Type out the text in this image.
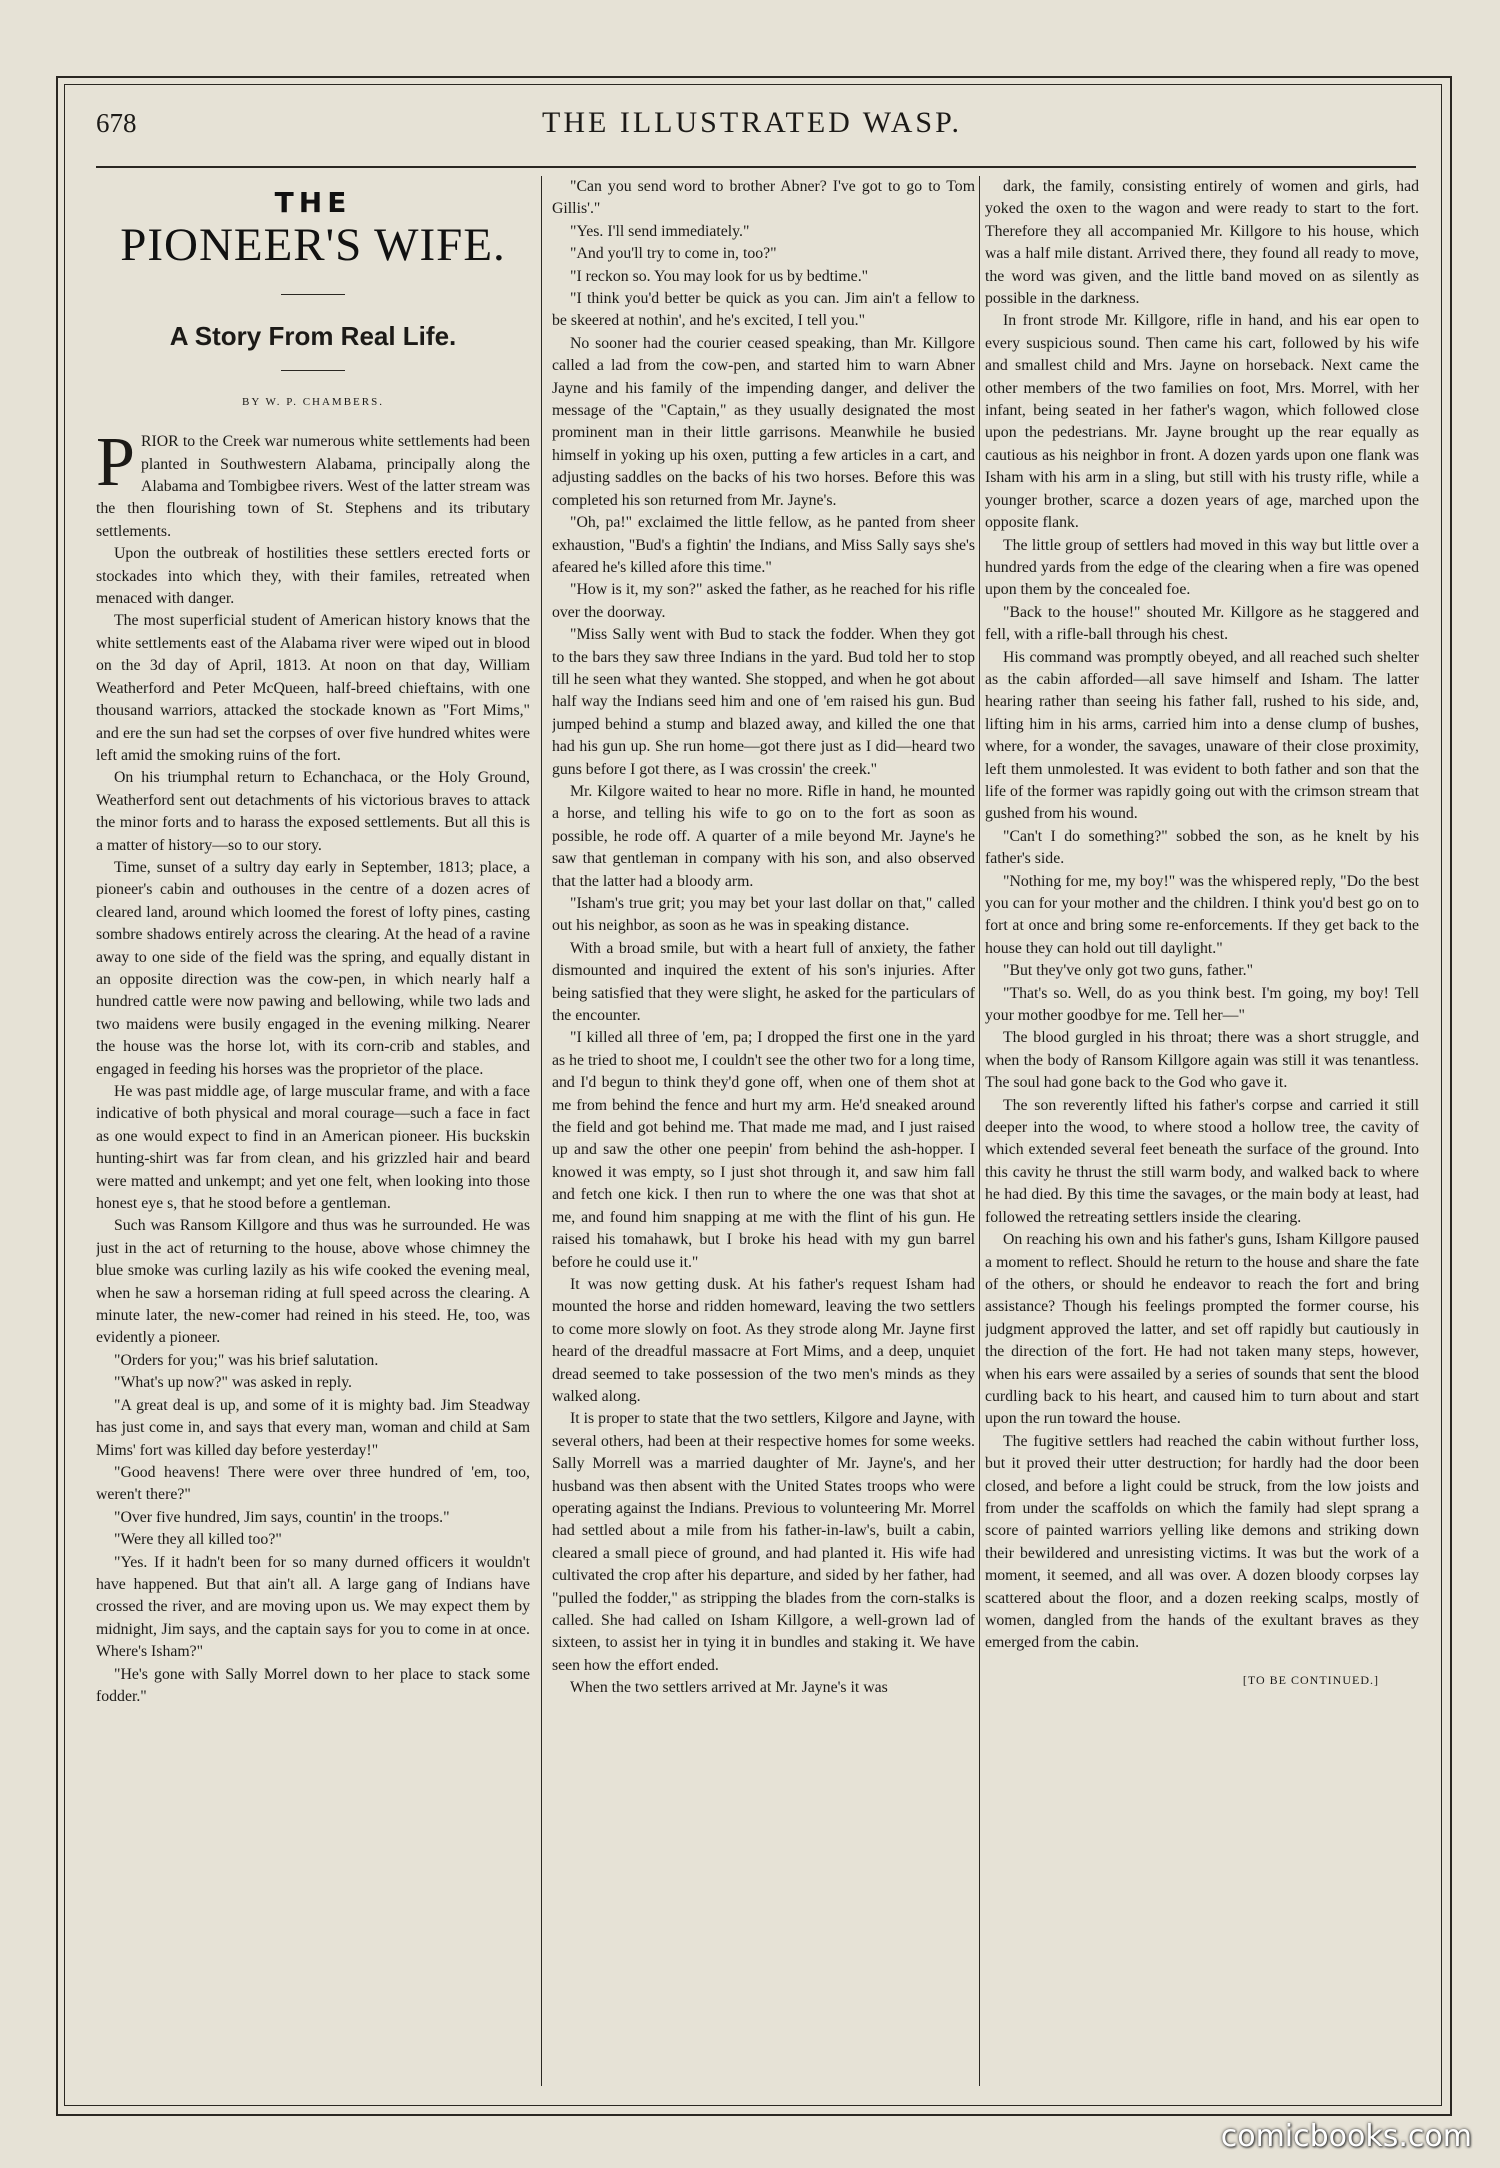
678	THE ILLUSTRATED WASP.
THE
PIONEER'S WIFE.
A Story From Real Life.
BY W. P. CHAMBERS.

PRIOR to the Creek war numerous white settlements had been planted in Southwestern Alabama, principally along the Alabama and Tombigbee rivers. West of the latter stream was the then flourishing town of St. Stephens and its tributary settlements.

Upon the outbreak of hostilities these settlers erected forts or stockades into which they, with their familes, retreated when menaced with danger.

The most superficial student of American history knows that the white settlements east of the Alabama river were wiped out in blood on the 3d day of April, 1813. At noon on that day, William Weatherford and Peter McQueen, half-breed chieftains, with one thousand warriors, attacked the stockade known as "Fort Mims," and ere the sun had set the corpses of over five hundred whites were left amid the smoking ruins of the fort.

On his triumphal return to Echanchaca, or the Holy Ground, Weatherford sent out detachments of his victorious braves to attack the minor forts and to harass the exposed settlements. But all this is a matter of history—so to our story.

Time, sunset of a sultry day early in September, 1813; place, a pioneer's cabin and outhouses in the centre of a dozen acres of cleared land, around which loomed the forest of lofty pines, casting sombre shadows entirely across the clearing. At the head of a ravine away to one side of the field was the spring, and equally distant in an opposite direction was the cow-pen, in which nearly half a hundred cattle were now pawing and bellowing, while two lads and two maidens were busily engaged in the evening milking. Nearer the house was the horse lot, with its corn-crib and stables, and engaged in feeding his horses was the proprietor of the place.

He was past middle age, of large muscular frame, and with a face indicative of both physical and moral courage—such a face in fact as one would expect to find in an American pioneer. His buckskin hunting-shirt was far from clean, and his grizzled hair and beard were matted and unkempt; and yet one felt, when looking into those honest eye s, that he stood before a gentleman.

Such was Ransom Killgore and thus was he surrounded. He was just in the act of returning to the house, above whose chimney the blue smoke was curling lazily as his wife cooked the evening meal, when he saw a horseman riding at full speed across the clearing. A minute later, the new-comer had reined in his steed. He, too, was evidently a pioneer.

"Orders for you;" was his brief salutation.

"What's up now?" was asked in reply.

"A great deal is up, and some of it is mighty bad. Jim Steadway has just come in, and says that every man, woman and child at Sam Mims' fort was killed day before yesterday!"

"Good heavens! There were over three hundred of 'em, too, weren't there?"

"Over five hundred, Jim says, countin' in the troops."

"Were they all killed too?"

"Yes. If it hadn't been for so many durned officers it wouldn't have happened. But that ain't all. A large gang of Indians have crossed the river, and are moving upon us. We may expect them by midnight, Jim says, and the captain says for you to come in at once. Where's Isham?"

"He's gone with Sally Morrel down to her place to stack some fodder."

"Can you send word to brother Abner? I've got to go to Tom Gillis'."

"Yes. I'll send immediately."

"And you'll try to come in, too?"

"I reckon so. You may look for us by bedtime."

"I think you'd better be quick as you can. Jim ain't a fellow to be skeered at nothin', and he's excited, I tell you."

No sooner had the courier ceased speaking, than Mr. Killgore called a lad from the cow-pen, and started him to warn Abner Jayne and his family of the impending danger, and deliver the message of the "Captain," as they usually designated the most prominent man in their little garrisons. Meanwhile he busied himself in yoking up his oxen, putting a few articles in a cart, and adjusting saddles on the backs of his two horses. Before this was completed his son returned from Mr. Jayne's.

"Oh, pa!" exclaimed the little fellow, as he panted from sheer exhaustion, "Bud's a fightin' the Indians, and Miss Sally says she's afeared he's killed afore this time."

"How is it, my son?" asked the father, as he reached for his rifle over the doorway.

"Miss Sally went with Bud to stack the fodder. When they got to the bars they saw three Indians in the yard. Bud told her to stop till he seen what they wanted. She stopped, and when he got about half way the Indians seed him and one of 'em raised his gun. Bud jumped behind a stump and blazed away, and killed the one that had his gun up. She run home—got there just as I did—heard two guns before I got there, as I was crossin' the creek."

Mr. Kilgore waited to hear no more. Rifle in hand, he mounted a horse, and telling his wife to go on to the fort as soon as possible, he rode off. A quarter of a mile beyond Mr. Jayne's he saw that gentleman in company with his son, and also observed that the latter had a bloody arm.

"Isham's true grit; you may bet your last dollar on that," called out his neighbor, as soon as he was in speaking distance.

With a broad smile, but with a heart full of anxiety, the father dismounted and inquired the extent of his son's injuries. After being satisfied that they were slight, he asked for the particulars of the encounter.

"I killed all three of 'em, pa; I dropped the first one in the yard as he tried to shoot me, I couldn't see the other two for a long time, and I'd begun to think they'd gone off, when one of them shot at me from behind the fence and hurt my arm. He'd sneaked around the field and got behind me. That made me mad, and I just raised up and saw the other one peepin' from behind the ash-hopper. I knowed it was empty, so I just shot through it, and saw him fall and fetch one kick. I then run to where the one was that shot at me, and found him snapping at me with the flint of his gun. He raised his tomahawk, but I broke his head with my gun barrel before he could use it."

It was now getting dusk. At his father's request Isham had mounted the horse and ridden homeward, leaving the two settlers to come more slowly on foot. As they strode along Mr. Jayne first heard of the dreadful massacre at Fort Mims, and a deep, unquiet dread seemed to take possession of the two men's minds as they walked along.

It is proper to state that the two settlers, Kilgore and Jayne, with several others, had been at their respective homes for some weeks. Sally Morrell was a married daughter of Mr. Jayne's, and her husband was then absent with the United States troops who were operating against the Indians. Previous to volunteering Mr. Morrel had settled about a mile from his father-in-law's, built a cabin, cleared a small piece of ground, and had planted it. His wife had cultivated the crop after his departure, and sided by her father, had "pulled the fodder," as stripping the blades from the corn-stalks is called. She had called on Isham Killgore, a well-grown lad of sixteen, to assist her in tying it in bundles and staking it. We have seen how the effort ended.

When the two settlers arrived at Mr. Jayne's it was

dark, the family, consisting entirely of women and girls, had yoked the oxen to the wagon and were ready to start to the fort. Therefore they all accompanied Mr. Killgore to his house, which was a half mile distant. Arrived there, they found all ready to move, the word was given, and the little band moved on as silently as possible in the darkness.

In front strode Mr. Killgore, rifle in hand, and his ear open to every suspicious sound. Then came his cart, followed by his wife and smallest child and Mrs. Jayne on horseback. Next came the other members of the two families on foot, Mrs. Morrel, with her infant, being seated in her father's wagon, which followed close upon the pedestrians. Mr. Jayne brought up the rear equally as cautious as his neighbor in front. A dozen yards upon one flank was Isham with his arm in a sling, but still with his trusty rifle, while a younger brother, scarce a dozen years of age, marched upon the opposite flank.

The little group of settlers had moved in this way but little over a hundred yards from the edge of the clearing when a fire was opened upon them by the concealed foe.

"Back to the house!" shouted Mr. Killgore as he staggered and fell, with a rifle-ball through his chest.

His command was promptly obeyed, and all reached such shelter as the cabin afforded—all save himself and Isham. The latter hearing rather than seeing his father fall, rushed to his side, and, lifting him in his arms, carried him into a dense clump of bushes, where, for a wonder, the savages, unaware of their close proximity, left them unmolested. It was evident to both father and son that the life of the former was rapidly going out with the crimson stream that gushed from his wound.

"Can't I do something?" sobbed the son, as he knelt by his father's side.

"Nothing for me, my boy!" was the whispered reply, "Do the best you can for your mother and the children. I think you'd best go on to fort at once and bring some re-enforcements. If they get back to the house they can hold out till daylight."

"But they've only got two guns, father."

"That's so. Well, do as you think best. I'm going, my boy! Tell your mother goodbye for me. Tell her—"

The blood gurgled in his throat; there was a short struggle, and when the body of Ransom Killgore again was still it was tenantless. The soul had gone back to the God who gave it.

The son reverently lifted his father's corpse and carried it still deeper into the wood, to where stood a hollow tree, the cavity of which extended several feet beneath the surface of the ground. Into this cavity he thrust the still warm body, and walked back to where he had died. By this time the savages, or the main body at least, had followed the retreating settlers inside the clearing.

On reaching his own and his father's guns, Isham Killgore paused a moment to reflect. Should he return to the house and share the fate of the others, or should he endeavor to reach the fort and bring assistance? Though his feelings prompted the former course, his judgment approved the latter, and set off rapidly but cautiously in the direction of the fort. He had not taken many steps, however, when his ears were assailed by a series of sounds that sent the blood curdling back to his heart, and caused him to turn about and start upon the run toward the house.

The fugitive settlers had reached the cabin without further loss, but it proved their utter destruction; for hardly had the door been closed, and before a light could be struck, from the low joists and from under the scaffolds on which the family had slept sprang a score of painted warriors yelling like demons and striking down their bewildered and unresisting victims. It was but the work of a moment, it seemed, and all was over. A dozen bloody corpses lay scattered about the floor, and a dozen reeking scalps, mostly of women, dangled from the hands of the exultant braves as they emerged from the cabin.

[TO BE CONTINUED.]
comicbooks.com
